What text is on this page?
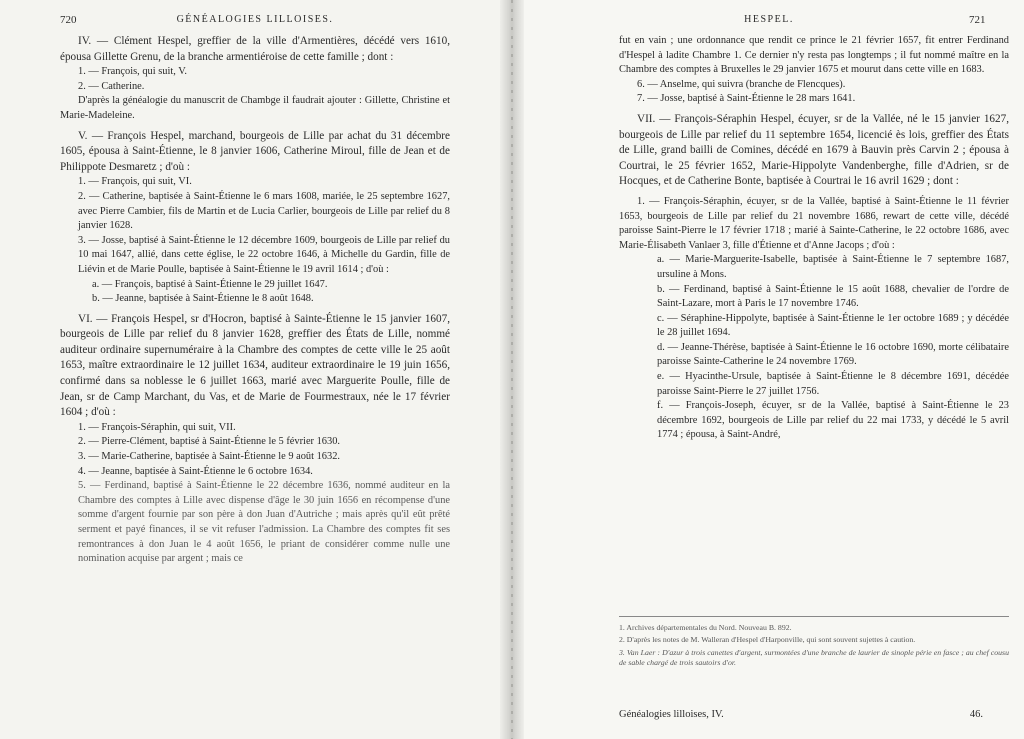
720	GÉNÉALOGIES LILLOISES.

IV. — Clément Hespel, greffier de la ville d'Armentières, décédé vers 1610, épousa Gillette Grenu, de la branche armentiéroise de cette famille ; dont :

1. — François, qui suit, V.

2. — Catherine.

D'après la généalogie du manuscrit de Chambge il faudrait ajouter : Gillette, Christine et Marie-Madeleine.

V. — François Hespel, marchand, bourgeois de Lille par achat du 31 décembre 1605, épousa à Saint-Étienne, le 8 janvier 1606, Catherine Miroul, fille de Jean et de Philippote Desmaretz ; d'où :

1. — François, qui suit, VI.

2. — Catherine, baptisée à Saint-Étienne le 6 mars 1608, mariée, le 25 septembre 1627, avec Pierre Cambier, fils de Martin et de Lucia Carlier, bourgeois de Lille par relief du 8 janvier 1628.

3. — Josse, baptisé à Saint-Étienne le 12 décembre 1609, bourgeois de Lille par relief du 10 mai 1647, allié, dans cette église, le 22 octobre 1646, à Michelle du Gardin, fille de Liévin et de Marie Poulle, baptisée à Saint-Étienne le 19 avril 1614 ; d'où :

a. — François, baptisé à Saint-Étienne le 29 juillet 1647.

b. — Jeanne, baptisée à Saint-Étienne le 8 août 1648.

VI. — François Hespel, sr d'Hocron, baptisé à Sainte-Étienne le 15 janvier 1607, bourgeois de Lille par relief du 8 janvier 1628, greffier des États de Lille, nommé auditeur ordinaire supernuméraire à la Chambre des comptes de cette ville le 25 août 1653, maître extraordinaire le 12 juillet 1634, auditeur extraordinaire le 19 juin 1656, confirmé dans sa noblesse le 6 juillet 1663, marié avec Marguerite Poulle, fille de Jean, sr de Camp Marchant, du Vas, et de Marie de Fourmestraux, née le 17 février 1604 ; d'où :

1. — François-Séraphin, qui suit, VII.

2. — Pierre-Clément, baptisé à Saint-Étienne le 5 février 1630.

3. — Marie-Catherine, baptisée à Saint-Étienne le 9 août 1632.

4. — Jeanne, baptisée à Saint-Étienne le 6 octobre 1634.

5. — Ferdinand, baptisé à Saint-Étienne le 22 décembre 1636, nommé auditeur en la Chambre des comptes à Lille avec dispense d'âge le 30 juin 1656 en récompense d'une somme d'argent fournie par son père à don Juan d'Autriche ; mais après qu'il eût prêté serment et payé finances, il se vit refuser l'admission. La Chambre des comptes fit ses remontrances à don Juan le 4 août 1656, le priant de considérer comme nulle une nomination acquise par argent ; mais ce

HESPEL.	721

fut en vain ; une ordonnance que rendit ce prince le 21 février 1657, fit entrer Ferdinand d'Hespel à ladite Chambre 1. Ce dernier n'y resta pas longtemps ; il fut nommé maître en la Chambre des comptes à Bruxelles le 29 janvier 1675 et mourut dans cette ville en 1683.

6. — Anselme, qui suivra (branche de Flencques).

7. — Josse, baptisé à Saint-Étienne le 28 mars 1641.

VII. — François-Séraphin Hespel, écuyer, sr de la Vallée, né le 15 janvier 1627, bourgeois de Lille par relief du 11 septembre 1654, licencié ès lois, greffier des États de Lille, grand bailli de Comines, décédé en 1679 à Bauvin près Carvin 2 ; épousa à Courtrai, le 25 février 1652, Marie-Hippolyte Vandenberghe, fille d'Adrien, sr de Hocques, et de Catherine Bonte, baptisée à Courtrai le 16 avril 1629 ; dont :

1. — François-Séraphin, écuyer, sr de la Vallée, baptisé à Saint-Étienne le 11 février 1653, bourgeois de Lille par relief du 21 novembre 1686, rewart de cette ville, décédé paroisse Saint-Pierre le 17 février 1718 ; marié à Sainte-Catherine, le 22 octobre 1686, avec Marie-Élisabeth Vanlaer 3, fille d'Étienne et d'Anne Jacops ; d'où :

a. — Marie-Marguerite-Isabelle, baptisée à Saint-Étienne le 7 septembre 1687, ursuline à Mons.

b. — Ferdinand, baptisé à Saint-Étienne le 15 août 1688, chevalier de l'ordre de Saint-Lazare, mort à Paris le 17 novembre 1746.

c. — Séraphine-Hippolyte, baptisée à Saint-Étienne le 1er octobre 1689 ; y décédée le 28 juillet 1694.

d. — Jeanne-Thérèse, baptisée à Saint-Étienne le 16 octobre 1690, morte célibataire paroisse Sainte-Catherine le 24 novembre 1769.

e. — Hyacinthe-Ursule, baptisée à Saint-Étienne le 8 décembre 1691, décédée paroisse Saint-Pierre le 27 juillet 1756.

f. — François-Joseph, écuyer, sr de la Vallée, baptisé à Saint-Étienne le 23 décembre 1692, bourgeois de Lille par relief du 22 mai 1733, y décédé le 5 avril 1774 ; épousa, à Saint-André,

1. Archives départementales du Nord. Nouveau B. 892.

2. D'après les notes de M. Walleran d'Hespel d'Harponville, qui sont souvent sujettes à caution.

3. Van Laer : D'azur à trois canettes d'argent, surmontées d'une branche de laurier de sinople périe en fasce ; au chef cousu de sable chargé de trois sautoirs d'or.

Généalogies lilloises, IV.	46.
